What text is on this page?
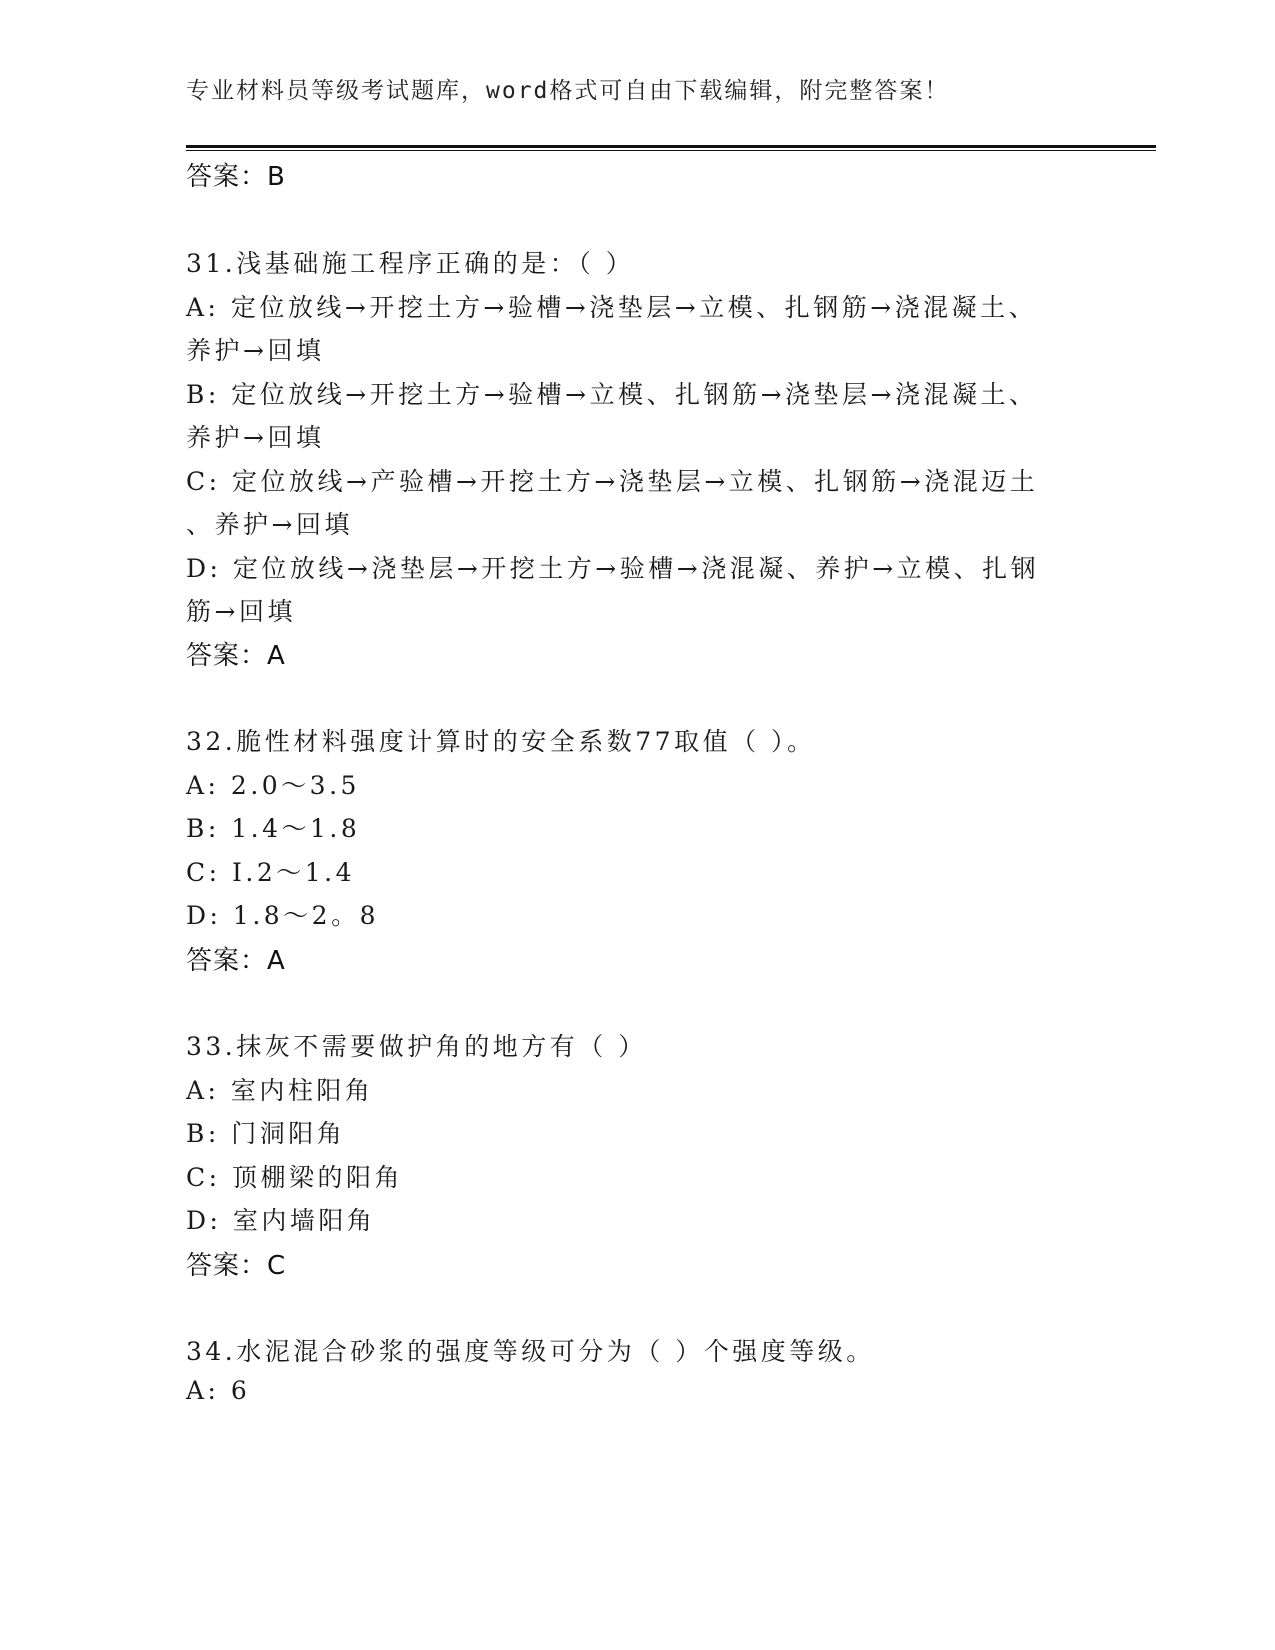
专业材料员等级考试题库，word格式可自由下载编辑，附完整答案！
答案：B
31.浅基础施工程序正确的是：（ ）
A: 定位放线→开挖土方→验槽→浇垫层→立模、扎钢筋→浇混凝土、
养护→回填
B: 定位放线→开挖土方→验槽→立模、扎钢筋→浇垫层→浇混凝土、
养护→回填
C: 定位放线→产验槽→开挖土方→浇垫层→立模、扎钢筋→浇混迈土
、养护→回填
D: 定位放线→浇垫层→开挖土方→验槽→浇混凝、养护→立模、扎钢
筋→回填
答案：A
32.脆性材料强度计算时的安全系数77取值（ ）。
A: 2.0～3.5
B: 1.4～1.8
C: I.2～1.4
D: 1.8～2。8
答案：A
33.抹灰不需要做护角的地方有（ ）
A: 室内柱阳角
B: 门洞阳角
C: 顶棚梁的阳角
D: 室内墙阳角
答案：C
34.水泥混合砂浆的强度等级可分为（ ）个强度等级。
A: 6
